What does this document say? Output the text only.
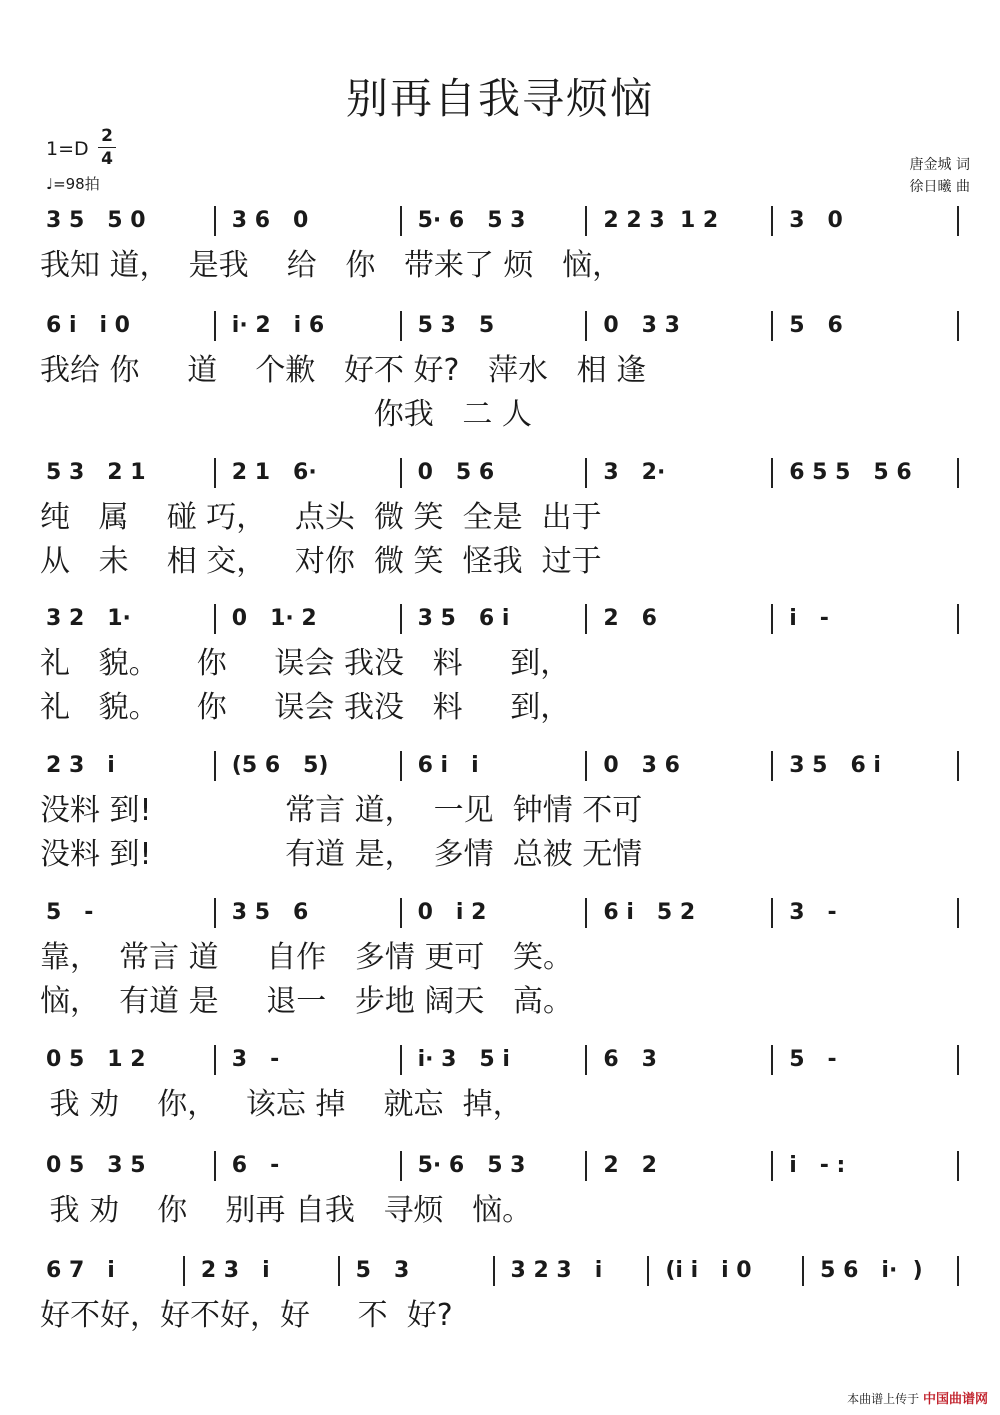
别再自我寻烦恼
1=D
2
4
♩=98拍
唐金城 词
徐日曦 曲
3 5   5 0	3 6   0	5· 6   5 3	2 2 3  1 2	3   0
我知 道，  是我    给   你   带来了 烦   恼，
6 i   i 0	i· 2   i 6	5 3   5	0   3 3	5   6
我给 你     道    个歉   好不 好?   萍水   相 逢
你我   二 人
5 3   2 1	2 1   6·	0   5 6	3   2·	6 5 5   5 6
纯   属    碰 巧，   点头  微 笑  全是  出于
从   未    相 交，   对你  微 笑  怪我  过于
3 2   1·	0   1· 2	3 5   6 i	2   6	i   -
礼   貌。    你     误会 我没   料     到，
礼   貌。    你     误会 我没   料     到，
2 3   i	(5 6   5)	6 i   i	0   3 6	3 5   6 i
没料 到!              常言 道，  一见  钟情 不可
没料 到!              有道 是，  多情  总被 无情
5   -	3 5   6	0   i 2	6 i   5 2	3   -
靠，  常言 道     自作   多情 更可   笑。
恼，  有道 是     退一   步地 阔天   高。
0 5   1 2	3   -	i· 3   5 i	6   3	5   -
我 劝    你，   该忘 掉    就忘  掉，
0 5   3 5	6   -	5· 6   5 3	2   2	i   - :
我 劝    你    别再 自我   寻烦   恼。
6 7   i	2 3   i	5   3	3 2 3   i	(i i   i 0	5 6   i·  )
好不好，好不好，好     不  好?
本曲谱上传于 中国曲谱网
